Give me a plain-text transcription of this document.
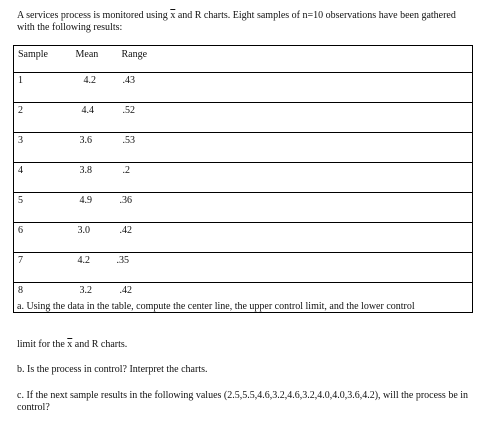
A services process is monitored using $\overline{x}$ and R charts. Eight samples of n=10 observations have been gathered with the following results:
Sample	Mean	Range
1	4.2	.43
2	4.4	.52
3	3.6	.53
4	3.8	.2
5	4.9	.36
6	3.0	.42
7	4.2	.35
8	3.2	.42
a. Using the data in the table, compute the center line, the upper control limit, and the lower control
limit for the $\overline{x}$ and R charts.
b. Is the process in control? Interpret the charts.
c. If the next sample results in the following values (2.5,5.5,4.6,3.2,4.6,3.2,4.0,4.0,3.6,4.2), will the process be in control?
